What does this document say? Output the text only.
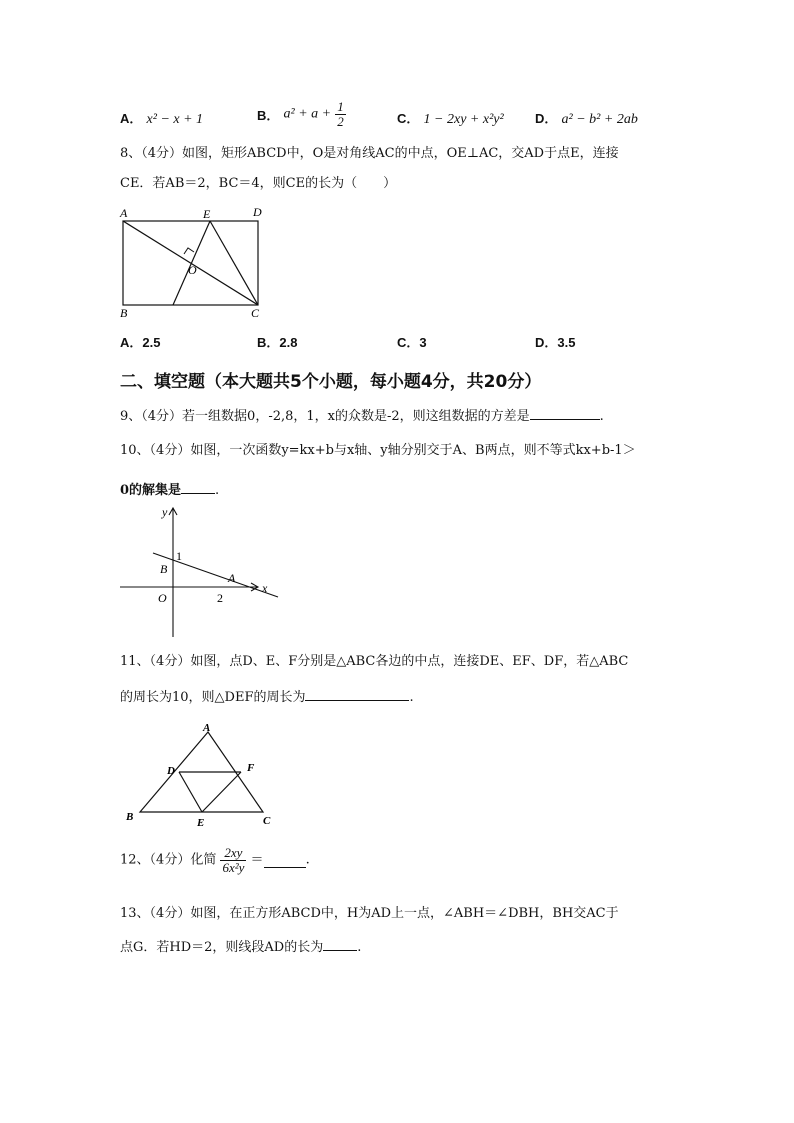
A． x² − x + 1	B． $a^2 + a + \frac{1}{2}$	C． 1 − 2xy + x²y² D． a² − b² + 2ab
8、（4分）如图，矩形ABCD中，O是对角线AC的中点，OE⊥AC，交AD于点E，连接
CE．若AB＝2，BC＝4，则CE的长为（　　）
A	E	D
O
B	C
A．2.5	B．2.8	C．3	D．3.5
二、填空题（本大题共5个小题，每小题4分，共20分）
9、（4分）若一组数据0，-2,8，1，x的众数是-2，则这组数据的方差是	.
10、（4分）如图，一次函数y=kx+b与x轴、y轴分别交于A、B两点，则不等式kx+b-1＞
0的解集是	.
y
x
1
B
A
O	2
11、（4分）如图，点D、E、F分别是△ABC各边的中点，连接DE、EF、DF，若△ABC
的周长为10，则△DEF的周长为	.
A
D	F
B	E	C
12、（4分）化简 $\frac{2xy}{\text{6x²y}}$ ＝	.
13、（4分）如图，在正方形ABCD中，H为AD上一点，∠ABH＝∠DBH，BH交AC于
点G．若HD＝2，则线段AD的长为	.
